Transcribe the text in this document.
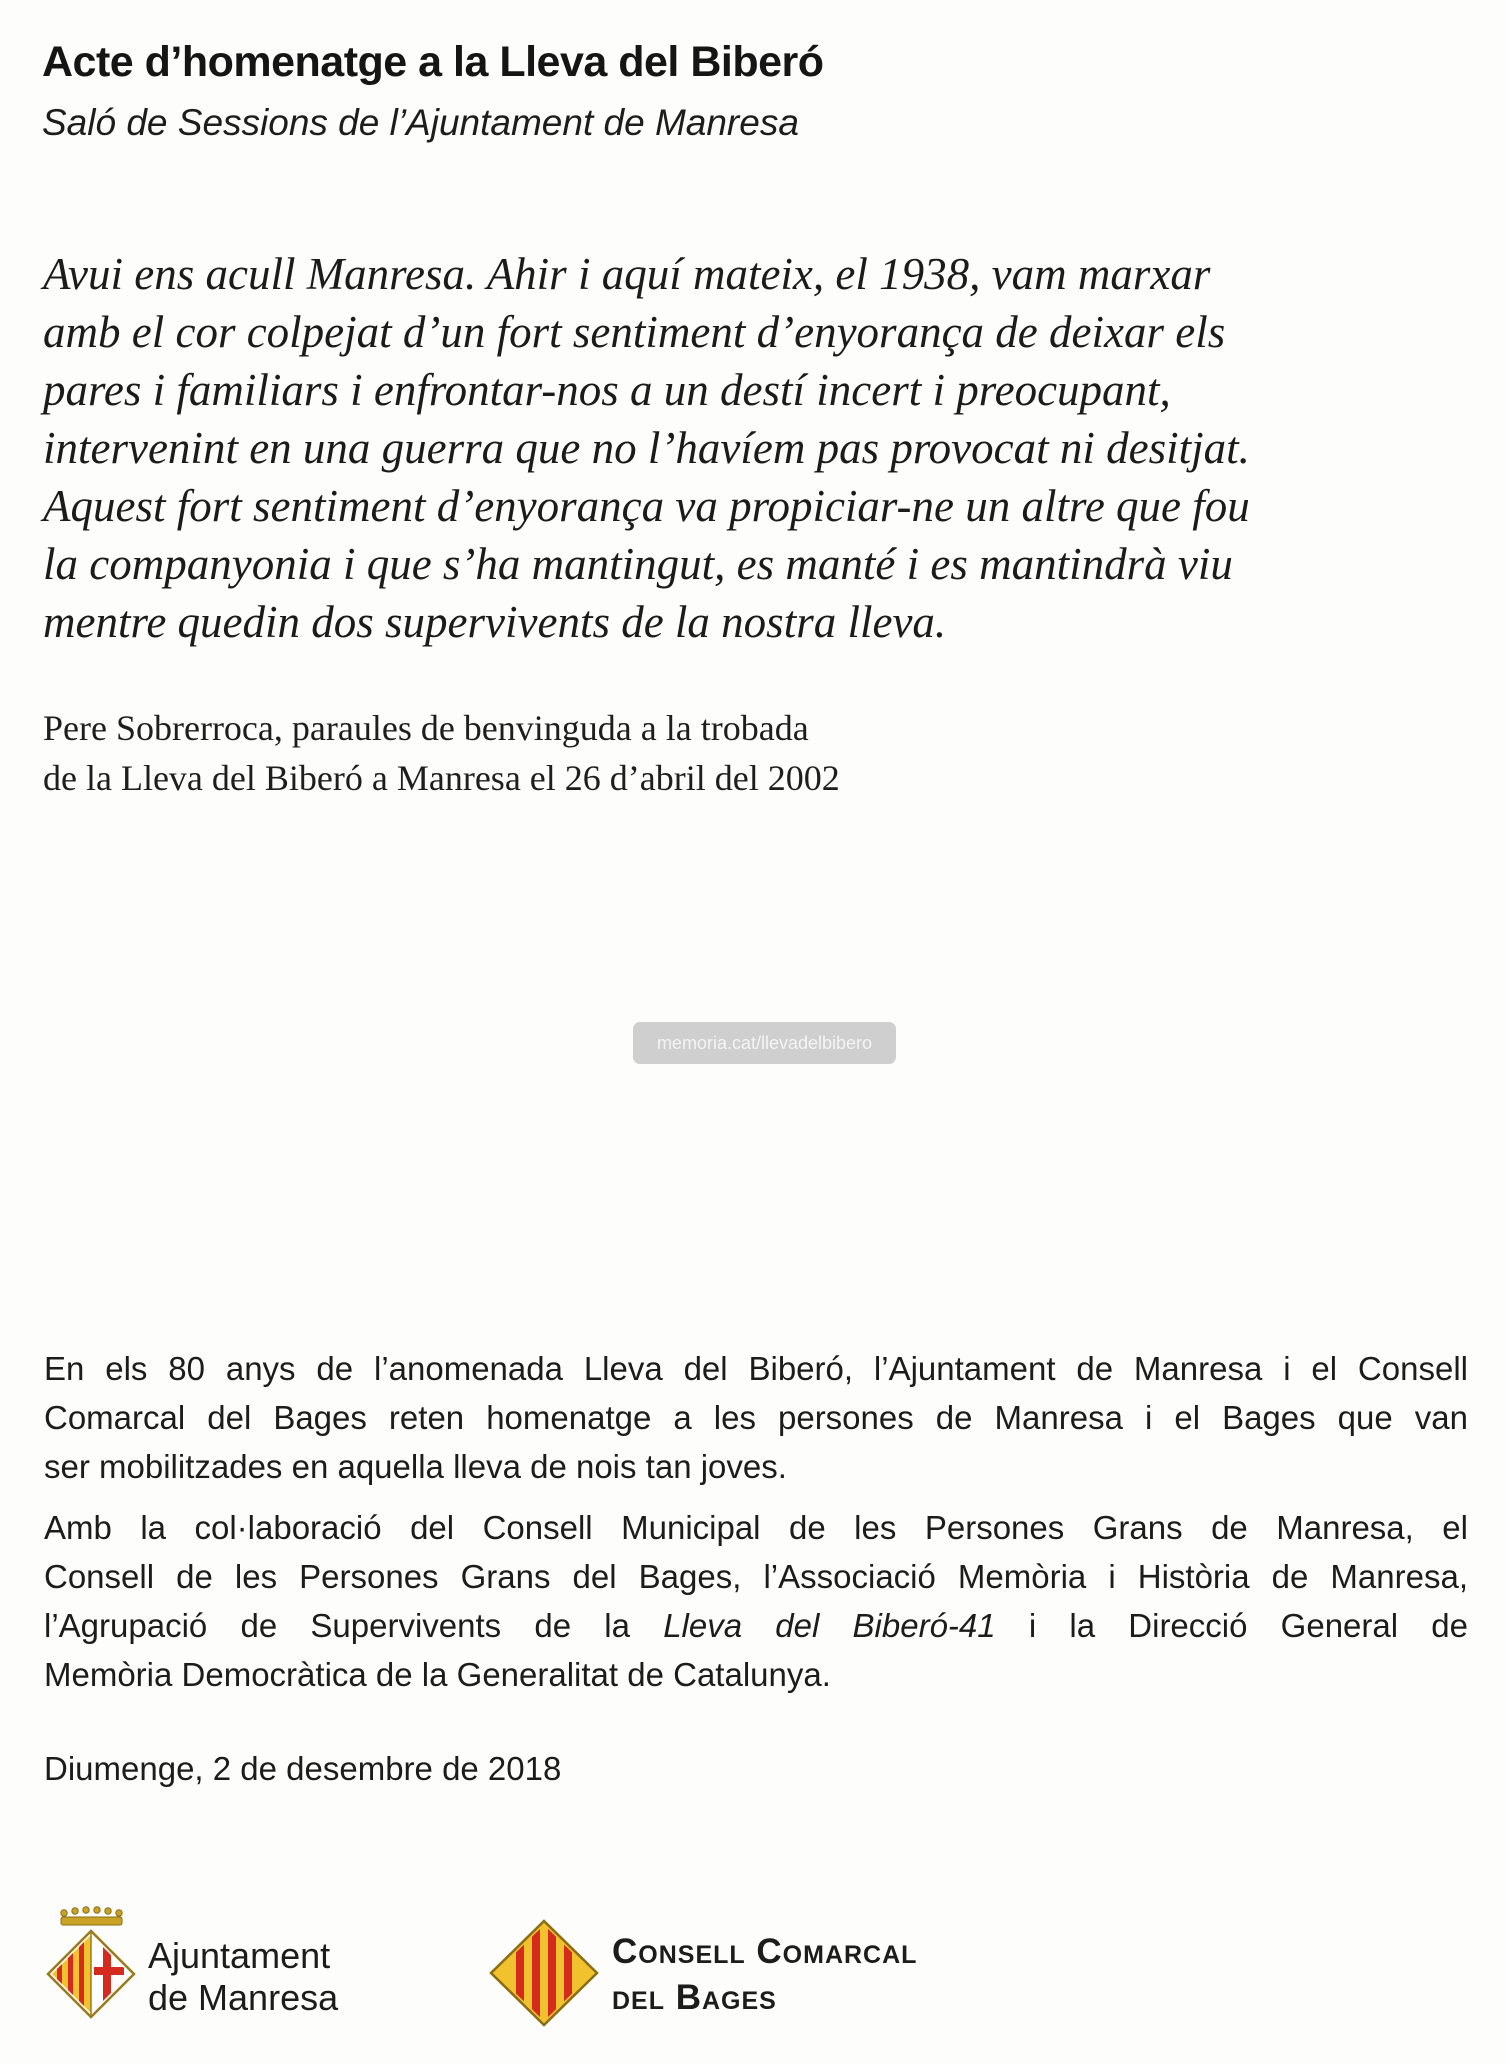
Acte d’homenatge a la Lleva del Biberó
Saló de Sessions de l’Ajuntament de Manresa
Avui ens acull Manresa. Ahir i aquí mateix, el 1938, vam marxar
amb el cor colpejat d’un fort sentiment d’enyorança de deixar els
pares i familiars i enfrontar-nos a un destí incert i preocupant,
intervenint en una guerra que no l’havíem pas provocat ni desitjat.
Aquest fort sentiment d’enyorança va propiciar-ne un altre que fou
la companyonia i que s’ha mantingut, es manté i es mantindrà viu
mentre quedin dos supervivents de la nostra lleva.
Pere Sobrerroca, paraules de benvinguda a la trobada
de la Lleva del Biberó a Manresa el 26 d’abril del 2002
memoria.cat/llevadelbibero

En els 80 anys de l’anomenada Lleva del Biberó, l’Ajuntament de Manresa i el Consell
Comarcal del Bages reten homenatge a les persones de Manresa i el Bages que van
ser mobilitzades en aquella lleva de nois tan joves.

Amb la col·laboració del Consell Municipal de les Persones Grans de Manresa, el
Consell de les Persones Grans del Bages, l’Associació Memòria i Història de Manresa,
l’Agrupació de Supervivents de la Lleva del Biberó-41 i la Direcció General de
Memòria Democràtica de la Generalitat de Catalunya.

Diumenge, 2 de desembre de 2018
Ajuntament
de Manresa
Consell Comarcal
del Bages
